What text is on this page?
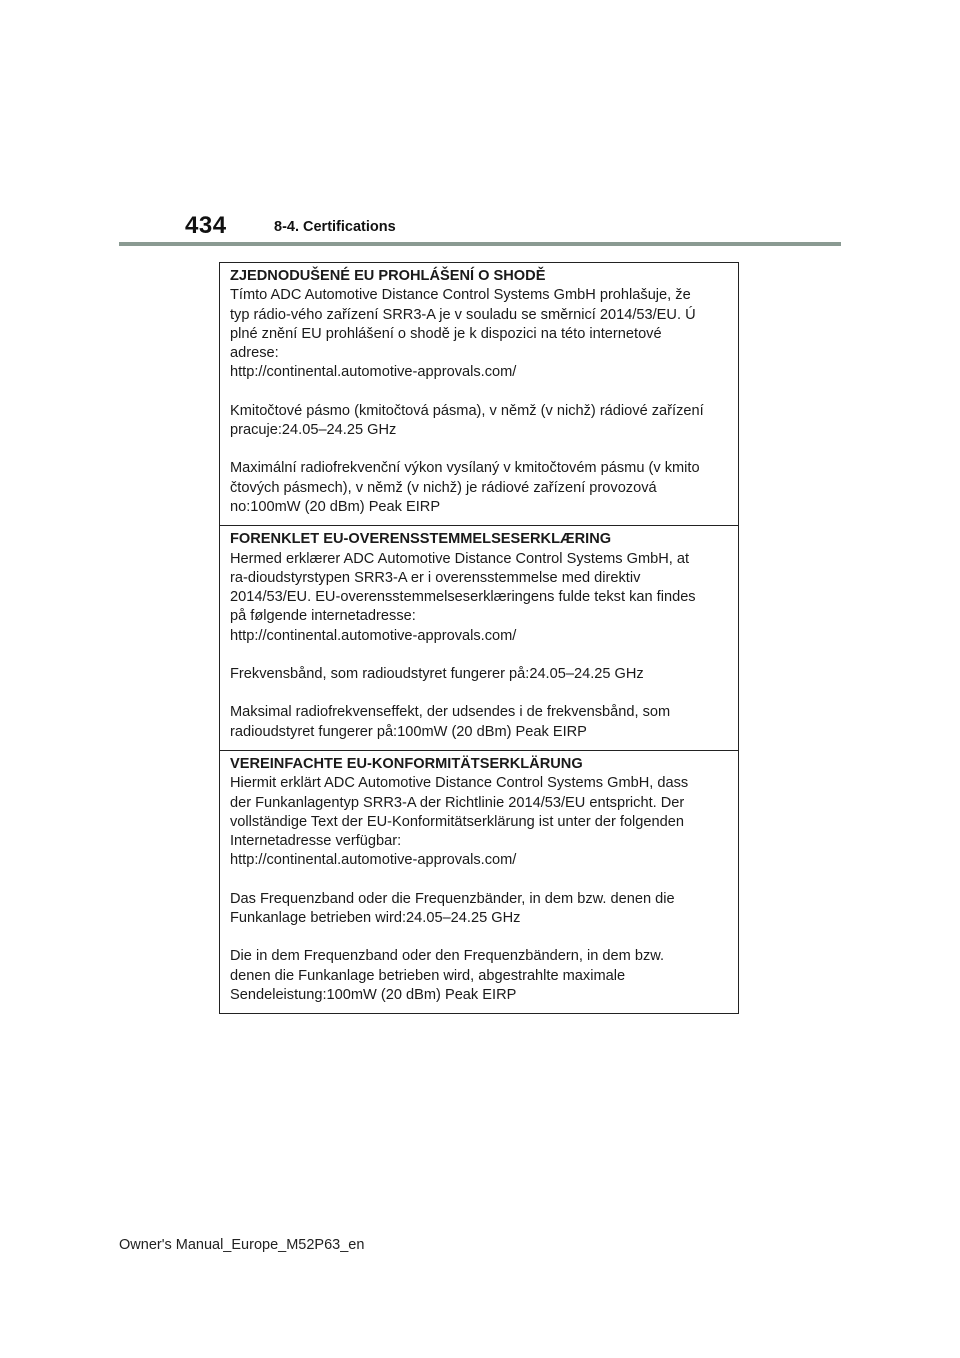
434	8-4. Certifications
ZJEDNODUŠENÉ EU PROHLÁŠENÍ O SHODĚ

Tímto ADC Automotive Distance Control Systems GmbH prohlašuje, že
typ rádio-vého zařízení SRR3-A je v souladu se směrnicí 2014/53/EU. Ú
plné znění EU prohlášení o shodě je k dispozici na této internetové
adrese:
http://continental.automotive-approvals.com/

Kmitočtové pásmo (kmitočtová pásma), v němž (v nichž) rádiové zařízení
pracuje:24.05–24.25 GHz

Maximální radiofrekvenční výkon vysílaný v kmitočtovém pásmu (v kmito
čtových pásmech), v němž (v nichž) je rádiové zařízení provozová
no:100mW (20 dBm) Peak EIRP

FORENKLET EU-OVERENSSTEMMELSESERKLÆRING

Hermed erklærer ADC Automotive Distance Control Systems GmbH, at
ra-dioudstyrstypen SRR3-A er i overensstemmelse med direktiv
2014/53/EU. EU-overensstemmelseserklæringens fulde tekst kan findes
på følgende internetadresse:
http://continental.automotive-approvals.com/

Frekvensbånd, som radioudstyret fungerer på:24.05–24.25 GHz

Maksimal radiofrekvenseffekt, der udsendes i de frekvensbånd, som
radioudstyret fungerer på:100mW (20 dBm) Peak EIRP

VEREINFACHTE EU-KONFORMITÄTSERKLÄRUNG

Hiermit erklärt ADC Automotive Distance Control Systems GmbH, dass
der Funkanlagentyp SRR3-A der Richtlinie 2014/53/EU entspricht. Der
vollständige Text der EU-Konformitätserklärung ist unter der folgenden
Internetadresse verfügbar:
http://continental.automotive-approvals.com/

Das Frequenzband oder die Frequenzbänder, in dem bzw. denen die
Funkanlage betrieben wird:24.05–24.25 GHz

Die in dem Frequenzband oder den Frequenzbändern, in dem bzw.
denen die Funkanlage betrieben wird, abgestrahlte maximale
Sendeleistung:100mW (20 dBm) Peak EIRP

Owner's Manual_Europe_M52P63_en
